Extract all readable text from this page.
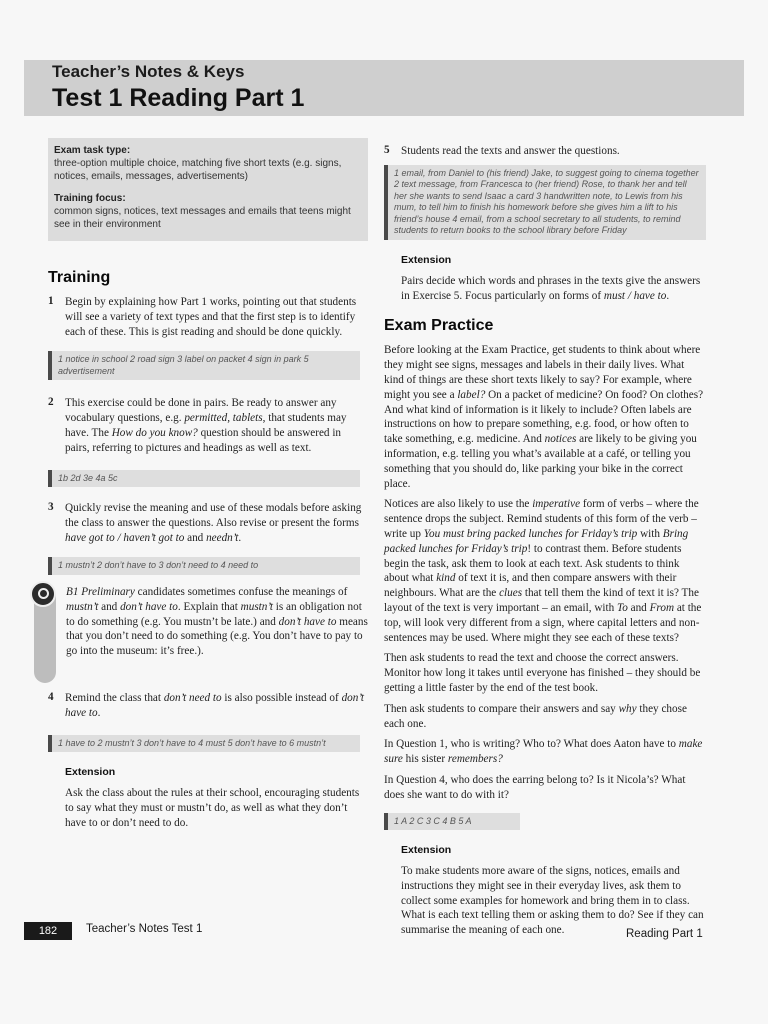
Teacher’s Notes & Keys
Test 1 Reading Part 1
Exam task type:
three-option multiple choice, matching five short texts (e.g. signs, notices, emails, messages, advertisements)
Training focus:
common signs, notices, text messages and emails that teens might see in their environment
Training
1	Begin by explaining how Part 1 works, pointing out that students will see a variety of text types and that the first step is to identify each of these. This is gist reading and should be done quickly.
1 notice in school 2 road sign 3 label on packet 4 sign in park 5 advertisement
2	This exercise could be done in pairs. Be ready to answer any vocabulary questions, e.g. permitted, tablets, that students may have. The How do you know? question should be answered in pairs, referring to pictures and headings as well as text.
1b 2d 3e 4a 5c
3	Quickly revise the meaning and use of these modals before asking the class to answer the questions. Also revise or present the forms have got to / haven’t got to and needn’t.
1 mustn’t 2 don’t have to 3 don’t need to 4 need to
B1 Preliminary candidates sometimes confuse the meanings of mustn’t and don’t have to. Explain that mustn’t is an obligation not to do something (e.g. You mustn’t be late.) and don’t have to means that you don’t need to do something (e.g. You don’t have to pay to go into the museum: it’s free.).
4	Remind the class that don’t need to is also possible instead of don’t have to.
1 have to 2 mustn’t 3 don’t have to 4 must 5 don’t have to 6 mustn’t
Extension

Ask the class about the rules at their school, encouraging students to say what they must or mustn’t do, as well as what they don’t have to or don’t need to do.

5	Students read the texts and answer the questions.
1 email, from Daniel to (his friend) Jake, to suggest going to cinema together 2 text message, from Francesca to (her friend) Rose, to thank her and tell her she wants to send Isaac a card 3 handwritten note, to Lewis from his mum, to tell him to finish his homework before she gives him a lift to his friend’s house 4 email, from a school secretary to all students, to remind students to return books to the school library before Friday
Extension

Pairs decide which words and phrases in the texts give the answers in Exercise 5. Focus particularly on forms of must / have to.

Exam Practice

Before looking at the Exam Practice, get students to think about where they might see signs, messages and labels in their daily lives. What kind of things are these short texts likely to say? For example, where might you see a label? On a packet of medicine? On food? On clothes? And what kind of information is it likely to include? Often labels are instructions on how to prepare something, e.g. food, or how often to take something, e.g. medicine. And notices are likely to be giving you information, e.g. telling you what’s available at a café, or telling you something that you should do, like parking your bike in the correct place.

Notices are also likely to use the imperative form of verbs – where the sentence drops the subject. Remind students of this form of the verb – write up You must bring packed lunches for Friday’s trip with Bring packed lunches for Friday’s trip! to contrast them. Before students begin the task, ask them to look at each text. Ask students to think about what kind of text it is, and then compare answers with their neighbours. What are the clues that tell them the kind of text it is? The layout of the text is very important – an email, with To and From at the top, will look very different from a sign, where capital letters and non-sentences may be used. Where might they see each of these texts?

Then ask students to read the text and choose the correct answers. Monitor how long it takes until everyone has finished – they should be getting a little faster by the end of the test book.

Then ask students to compare their answers and say why they chose each one.

In Question 1, who is writing? Who to? What does Aaton have to make sure his sister remembers?

In Question 4, who does the earring belong to? Is it Nicola’s? What does she want to do with it?

1 A 2 C 3 C 4 B 5 A
Extension

To make students more aware of the signs, notices, emails and instructions they might see in their everyday lives, ask them to collect some examples for homework and bring them in to class. What is each text telling them or asking them to do? See if they can summarise the meaning of each one.

182	Teacher’s Notes Test 1	Reading Part 1
